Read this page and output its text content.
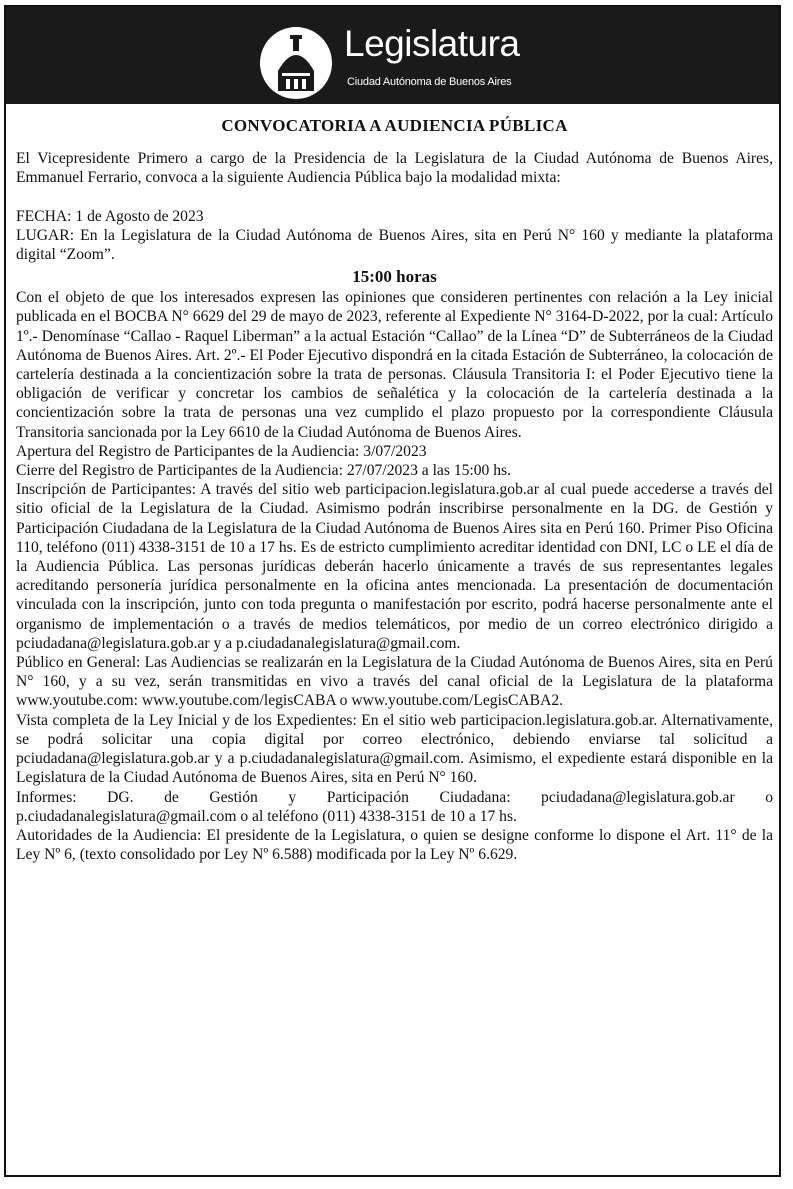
Legislatura
Ciudad Autónoma de Buenos Aires
CONVOCATORIA A AUDIENCIA PÚBLICA

El Vicepresidente Primero a cargo de la Presidencia de la Legislatura de la Ciudad Autónoma de Buenos Aires, Emmanuel Ferrario, convoca a la siguiente Audiencia Pública bajo la modalidad mixta:

FECHA: 1 de Agosto de 2023

LUGAR: En la Legislatura de la Ciudad Autónoma de Buenos Aires, sita en Perú N° 160 y mediante la plataforma digital “Zoom”.

15:00 horas

Con el objeto de que los interesados expresen las opiniones que consideren pertinentes con relación a la Ley inicial publicada en el BOCBA N° 6629 del 29 de mayo de 2023, referente al Expediente N° 3164-D-2022, por la cual: Artículo 1º.- Denomínase “Callao - Raquel Liberman” a la actual Estación “Callao” de la Línea “D” de Subterráneos de la Ciudad Autónoma de Buenos Aires. Art. 2º.- El Poder Ejecutivo dispondrá en la citada Estación de Subterráneo, la colocación de cartelería destinada a la concientización sobre la trata de personas. Cláusula Transitoria I: el Poder Ejecutivo tiene la obligación de verificar y concretar los cambios de señalética y la colocación de la cartelería destinada a la concientización sobre la trata de personas una vez cumplido el plazo propuesto por la correspondiente Cláusula Transitoria sancionada por la Ley 6610 de la Ciudad Autónoma de Buenos Aires.

Apertura del Registro de Participantes de la Audiencia: 3/07/2023

Cierre del Registro de Participantes de la Audiencia: 27/07/2023 a las 15:00 hs.

Inscripción de Participantes: A través del sitio web participacion.legislatura.gob.ar al cual puede accederse a través del sitio oficial de la Legislatura de la Ciudad. Asimismo podrán inscribirse personalmente en la DG. de Gestión y Participación Ciudadana de la Legislatura de la Ciudad Autónoma de Buenos Aires sita en Perú 160. Primer Piso Oficina 110, teléfono (011) 4338-3151 de 10 a 17 hs. Es de estricto cumplimiento acreditar identidad con DNI, LC o LE el día de la Audiencia Pública. Las personas jurídicas deberán hacerlo únicamente a través de sus representantes legales acreditando personería jurídica personalmente en la oficina antes mencionada. La presentación de documentación vinculada con la inscripción, junto con toda pregunta o manifestación por escrito, podrá hacerse personalmente ante el organismo de implementación o a través de medios telemáticos, por medio de un correo electrónico dirigido a pciudadana@legislatura.gob.ar y a p.ciudadanalegislatura@gmail.com.

Público en General: Las Audiencias se realizarán en la Legislatura de la Ciudad Autónoma de Buenos Aires, sita en Perú N° 160, y a su vez, serán transmitidas en vivo a través del canal oficial de la Legislatura de la plataforma www.youtube.com: www.youtube.com/legisCABA o www.youtube.com/LegisCABA2.

Vista completa de la Ley Inicial y de los Expedientes: En el sitio web participacion.legislatura.gob.ar. Alternativamente, se podrá solicitar una copia digital por correo electrónico, debiendo enviarse tal solicitud a pciudadana@legislatura.gob.ar y a p.ciudadanalegislatura@gmail.com. Asimismo, el expediente estará disponible en la Legislatura de la Ciudad Autónoma de Buenos Aires, sita en Perú N° 160.

Informes: DG. de Gestión y Participación Ciudadana: pciudadana@legislatura.gob.ar o p.ciudadanalegislatura@gmail.com o al teléfono (011) 4338-3151 de 10 a 17 hs.

Autoridades de la Audiencia: El presidente de la Legislatura, o quien se designe conforme lo dispone el Art. 11° de la Ley Nº 6, (texto consolidado por Ley Nº 6.588) modificada por la Ley Nº 6.629.
